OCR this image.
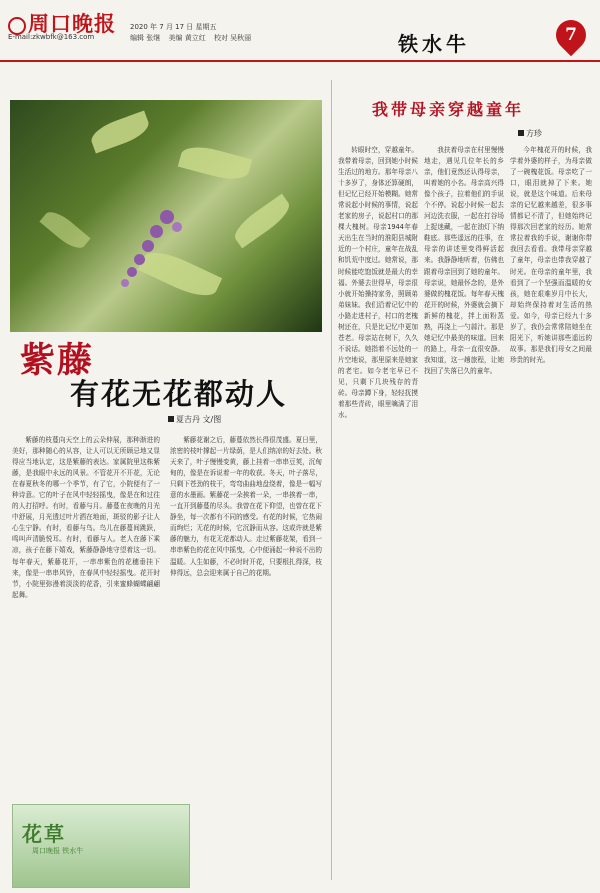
周口晚报
E-mail:zkwbfk@163.com
2020 年 7 月 17 日 星期五
编辑 张继 美编 黄立红 校对 吴秋丽	铁水牛	7
紫藤
有花无花都动人
夏吉丹 文/图

紫藤的枝蔓向天空上的云朵伸展，那种渐进的美好，那种随心的从容，让人可以无所顾忌地又显得应当地认定，这是紫藤的表达。家属院里这株紫藤，是我眼中永远的风景。不管花开不开花，无论在春夏秋冬的哪一个季节，有了它，小院便有了一种诗意。它的叶子在风中轻轻摇曳，像是在和过往的人打招呼。有时，看藤与月。藤蔓在夜晚的月光中舒展，月光透过叶片洒在地面，斑驳的影子让人心生宁静。有时，看藤与鸟。鸟儿在藤蔓间跳跃，鸣叫声清脆悦耳。有时，看藤与人。老人在藤下乘凉，孩子在藤下嬉戏，紫藤静静地守望着这一切。每年春天，紫藤花开，一串串紫色的花穗垂挂下来，像是一串串风铃，在春风中轻轻摇曳。花开时节，小院里弥漫着淡淡的花香，引来蜜蜂蝴蝶翩翩起舞。

紫藤花谢之后，藤蔓依然长得很茂盛。夏日里，浓密的枝叶撑起一片绿荫，是人们纳凉的好去处。秋天来了，叶子慢慢变黄，藤上挂着一串串豆荚，沉甸甸的，像是在诉说着一年的收获。冬天，叶子落尽，只剩下苍劲的枝干，弯弯曲曲地盘绕着，像是一幅写意的水墨画。紫藤花一朵挨着一朵，一串挨着一串，一直开到藤蔓的尽头。我曾在花下仰望，也曾在花下静坐，每一次都有不同的感受。有花的时候，它热闹而绚烂；无花的时候，它沉静而从容。这或许就是紫藤的魅力，有花无花都动人。走过紫藤花架，看到一串串紫色的花在风中摇曳，心中便涌起一种说不出的温暖。人生如藤，不必时时开花，只要根扎得深，枝伸得远，总会迎来属于自己的花期。

花草
周口晚报 铁水牛
我带母亲穿越童年
方珍

转眼时空，穿越童年。我带着母亲，回到她小时候生活过的地方。那年母亲八十多岁了，身体还算硬朗，但记忆已经开始模糊。她常常说起小时候的事情，说起老家的房子，说起村口的那棵大槐树。母亲1944年春天出生在当时的淮阳县城附近的一个村庄，童年在战乱和饥荒中度过。她常说，那时候能吃饱饭就是最大的幸福。外婆去世得早，母亲很小就开始操持家务，照顾弟弟妹妹。我们沿着记忆中的小路走进村子，村口的老槐树还在，只是比记忆中更加苍老。母亲站在树下，久久不说话。她指着不远处的一片空地说，那里原来是她家的老宅。如今老宅早已不见，只剩下几块残存的青砖。母亲蹲下身，轻轻抚摸着那些青砖，眼里噙满了泪水。

我扶着母亲在村里慢慢地走，遇见几位年长的乡亲，他们竟然还认得母亲，叫着她的小名。母亲高兴得像个孩子，拉着他们的手说个不停。说起小时候一起去河边洗衣服，一起在打谷场上捉迷藏，一起在油灯下纳鞋底。那些遥远的往事，在母亲的讲述里变得鲜活起来。我静静地听着，仿佛也跟着母亲回到了她的童年。母亲说，她最怀念的，是外婆做的槐花饭。每年春天槐花开的时候，外婆就会摘下新鲜的槐花，拌上面粉蒸熟，再浇上一勺蒜汁。那是她记忆中最美的味道。回来的路上，母亲一直很安静。我知道，这一趟旅程，让她找回了失落已久的童年。

今年槐花开的时候，我学着外婆的样子，为母亲做了一碗槐花饭。母亲吃了一口，眼泪就掉了下来。她说，就是这个味道。后来母亲的记忆越来越差，很多事情都记不清了，但她始终记得那次回老家的经历。她常常拉着我的手说，谢谢你带我回去看看。我带母亲穿越了童年，母亲也带我穿越了时光。在母亲的童年里，我看到了一个坚强而温暖的女孩，她在艰难岁月中长大，却始终保持着对生活的热爱。如今，母亲已经九十多岁了，我仍会常常陪她坐在阳光下，听她讲那些遥远的故事。那是我们母女之间最珍贵的时光。
